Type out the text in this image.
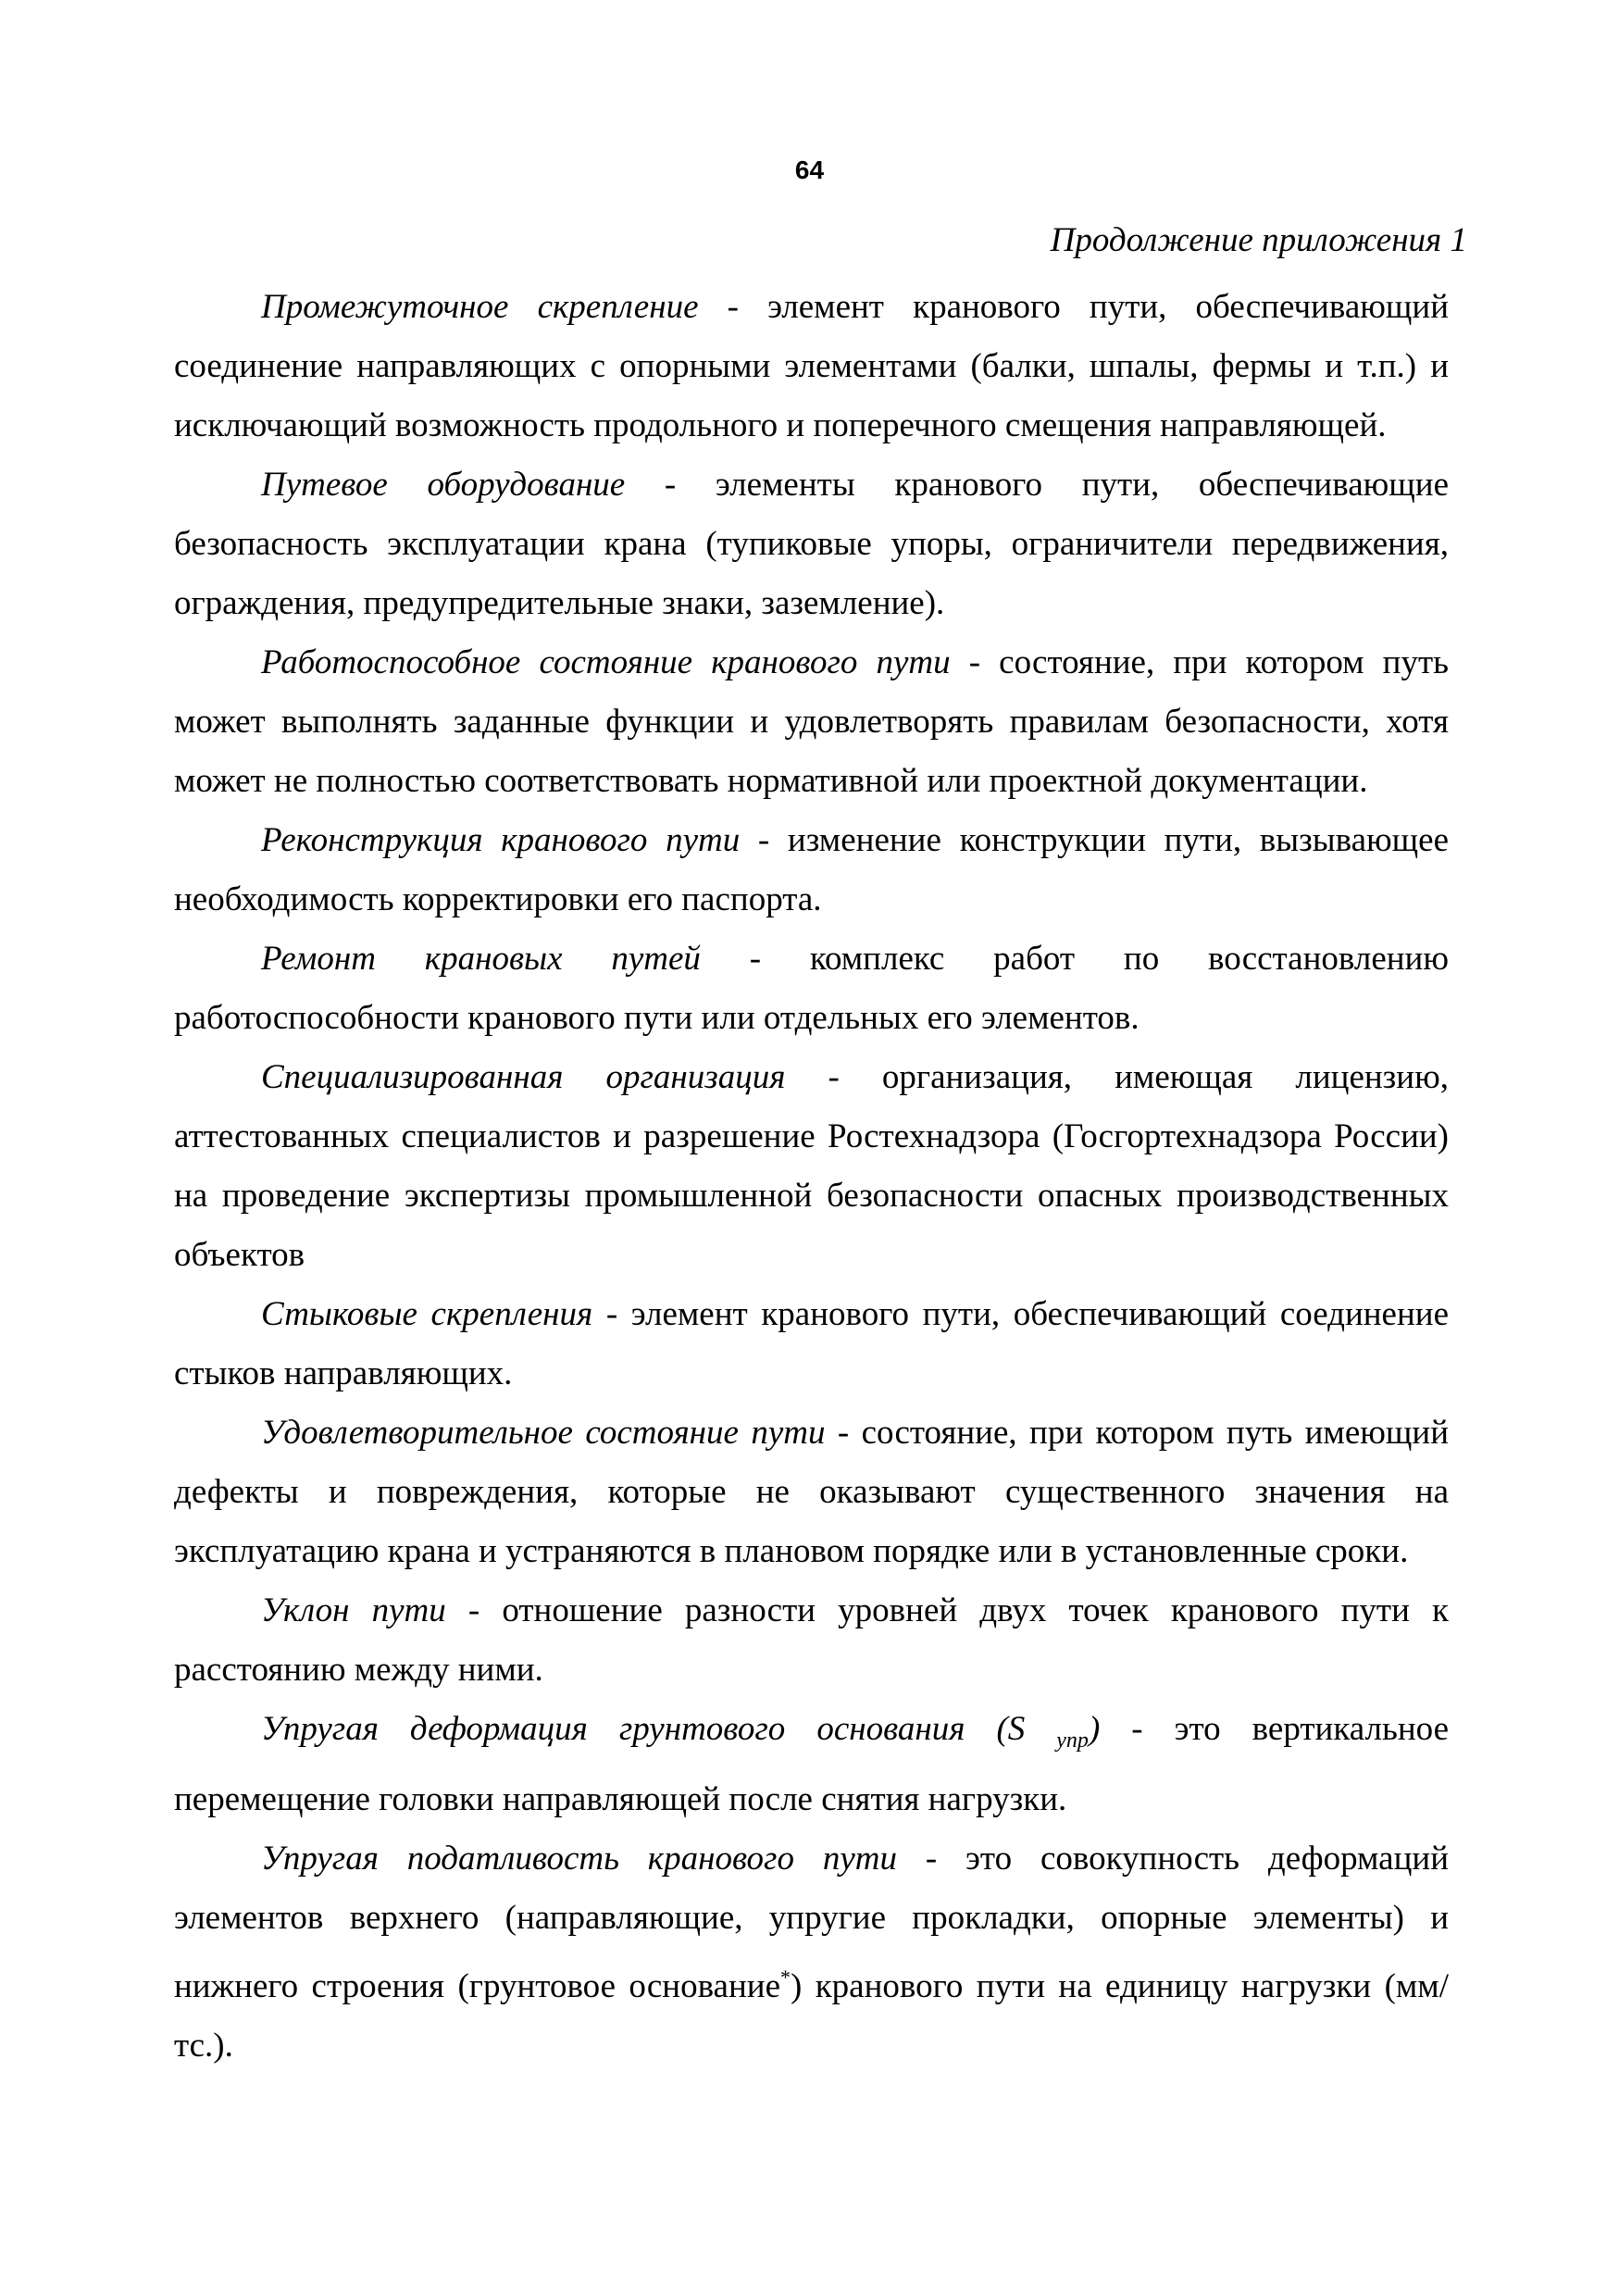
64
Продолжение приложения 1

Промежуточное скрепление - элемент кранового пути, обеспечивающий соединение направляющих с опорными элементами (балки, шпалы, фермы и т.п.) и исключающий возможность продольного и поперечного смещения направляющей.

Путевое оборудование - элементы кранового пути, обеспечивающие безопасность эксплуатации крана (тупиковые упоры, ограничители передвижения, ограждения, предупредительные знаки, заземление).

Работоспособное состояние кранового пути - состояние, при котором путь может выполнять заданные функции и удовлетворять правилам безопасности, хотя может не полностью соответствовать нормативной или проектной документации.

Реконструкция кранового пути - изменение конструкции пути, вызывающее необходимость корректировки его паспорта.

Ремонт крановых путей - комплекс работ по восстановлению работоспособности кранового пути или отдельных его элементов.

Специализированная организация - организация, имеющая лицензию, аттестованных специалистов и разрешение Ростехнадзора (Госгортехнадзора России) на проведение экспертизы промышленной безопасности опасных производственных объектов

Стыковые скрепления - элемент кранового пути, обеспечивающий соединение стыков направляющих.

Удовлетворительное состояние пути - состояние, при котором путь имеющий дефекты и повреждения, которые не оказывают существенного значения на эксплуатацию крана и устраняются в плановом порядке или в установленные сроки.

Уклон пути - отношение разности уровней двух точек кранового пути к расстоянию между ними.

Упругая деформация грунтового основания (S $_{упр}$) - это вертикальное перемещение головки направляющей после снятия нагрузки.

Упругая податливость кранового пути - это совокупность деформаций элементов верхнего (направляющие, упругие прокладки, опорные элементы) и нижнего строения (грунтовое основание*) кранового пути на единицу нагрузки (мм/тс.).
